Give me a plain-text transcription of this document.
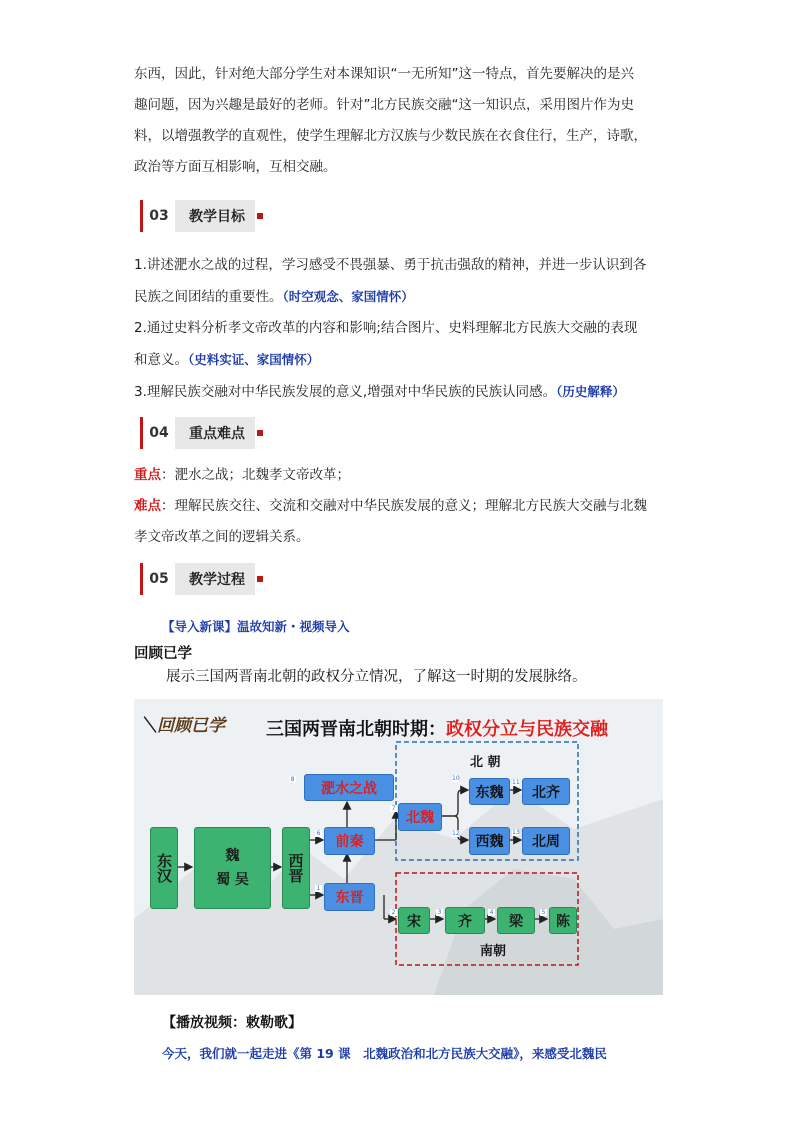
东西，因此，针对绝大部分学生对本课知识“一无所知”这一特点，首先要解决的是兴
趣问题，因为兴趣是最好的老师。针对”北方民族交融“这一知识点，采用图片作为史
料，以增强教学的直观性，使学生理解北方汉族与少数民族在衣食住行，生产，诗歌，
政治等方面互相影响，互相交融。
03	教学目标
1.讲述淝水之战的过程，学习感受不畏强暴、勇于抗击强敌的精神，并进一步认识到各
民族之间团结的重要性。（时空观念、家国情怀）
2.通过史料分析孝文帝改革的内容和影响;结合图片、史料理解北方民族大交融的表现
和意义。（史料实证、家国情怀）
3.理解民族交融对中华民族发展的意义,增强对中华民族的民族认同感。（历史解释）
04	重点难点
重点：淝水之战；北魏孝文帝改革；
难点：理解民族交往、交流和交融对中华民族发展的意义；理解北方民族大交融与北魏
孝文帝改革之间的逻辑关系。
05	教学过程
【导入新课】温故知新・视频导入
回顾已学
展示三国两晋南北朝的政权分立情况，了解这一时期的发展脉络。
＼回顾已学 三国两晋南北朝时期：政权分立与民族交融
北 朝
南朝
东汉	魏
蜀 吴	西晋
淝水之战
前秦
东晋
北魏
东魏 北齐
西魏 北周
宋	齐	梁 陈
8
6
1
10
11
12	13
2	3	4	5
7
【播放视频：敕勒歌】
今天，我们就一起走进《第 19 课　北魏政治和北方民族大交融》，来感受北魏民
